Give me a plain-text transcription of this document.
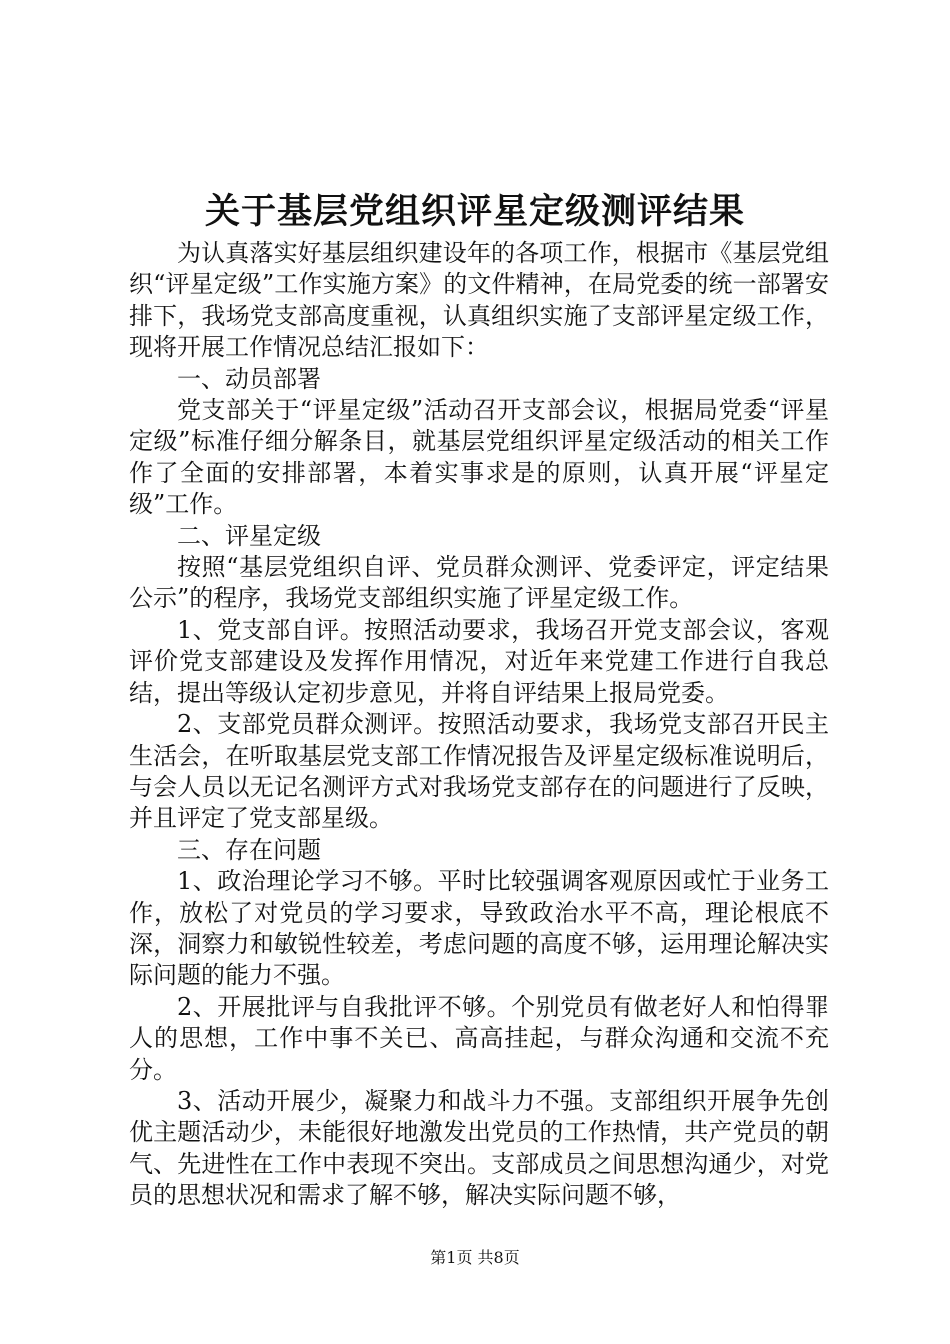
关于基层党组织评星定级测评结果

为认真落实好基层组织建设年的各项工作，根据市《基层党组织“评星定级”工作实施方案》的文件精神，在局党委的统一部署安排下，我场党支部高度重视，认真组织实施了支部评星定级工作，现将开展工作情况总结汇报如下：

一、动员部署

党支部关于“评星定级”活动召开支部会议，根据局党委“评星定级”标准仔细分解条目，就基层党组织评星定级活动的相关工作作了全面的安排部署，本着实事求是的原则，认真开展“评星定级”工作。

二、评星定级

按照“基层党组织自评、党员群众测评、党委评定，评定结果公示”的程序，我场党支部组织实施了评星定级工作。

1、党支部自评。按照活动要求，我场召开党支部会议，客观评价党支部建设及发挥作用情况，对近年来党建工作进行自我总结，提出等级认定初步意见，并将自评结果上报局党委。

2、支部党员群众测评。按照活动要求，我场党支部召开民主生活会，在听取基层党支部工作情况报告及评星定级标准说明后，与会人员以无记名测评方式对我场党支部存在的问题进行了反映，并且评定了党支部星级。

三、存在问题

1、政治理论学习不够。平时比较强调客观原因或忙于业务工作，放松了对党员的学习要求，导致政治水平不高，理论根底不深，洞察力和敏锐性较差，考虑问题的高度不够，运用理论解决实际问题的能力不强。

2、开展批评与自我批评不够。个别党员有做老好人和怕得罪人的思想，工作中事不关已、高高挂起，与群众沟通和交流不充分。

3、活动开展少，凝聚力和战斗力不强。支部组织开展争先创优主题活动少，未能很好地激发出党员的工作热情，共产党员的朝气、先进性在工作中表现不突出。支部成员之间思想沟通少，对党员的思想状况和需求了解不够，解决实际问题不够，

第1页 共8页
